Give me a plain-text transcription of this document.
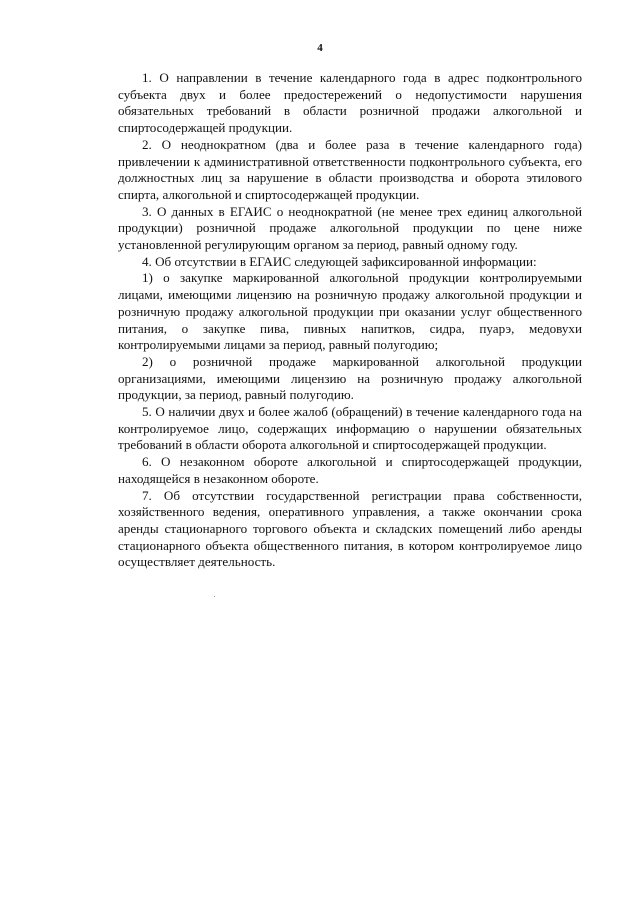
4

1. О направлении в течение календарного года в адрес подконтрольного субъекта двух и более предостережений о недопустимости нарушения обязательных требований в области розничной продажи алкогольной и спиртосодержащей продукции.

2. О неоднократном (два и более раза в течение календарного года) привлечении к административной ответственности подконтрольного субъекта, его должностных лиц за нарушение в области производства и оборота этилового спирта, алкогольной и спиртосодержащей продукции.

3. О данных в ЕГАИС о неоднократной (не менее трех единиц алкогольной продукции) розничной продаже алкогольной продукции по цене ниже установленной регулирующим органом за период, равный одному году.

4. Об отсутствии в ЕГАИС следующей зафиксированной информации:

1) о закупке маркированной алкогольной продукции контролируемыми лицами, имеющими лицензию на розничную продажу алкогольной продукции и розничную продажу алкогольной продукции при оказании услуг общественного питания, о закупке пива, пивных напитков, сидра, пуарэ, медовухи контролируемыми лицами за период, равный полугодию;

2) о розничной продаже маркированной алкогольной продукции организациями, имеющими лицензию на розничную продажу алкогольной продукции, за период, равный полугодию.

5. О наличии двух и более жалоб (обращений) в течение календарного года на контролируемое лицо, содержащих информацию о нарушении обязательных требований в области оборота алкогольной и спиртосодержащей продукции.

6. О незаконном обороте алкогольной и спиртосодержащей продукции, находящейся в незаконном обороте.

7. Об отсутствии государственной регистрации права собственности, хозяйственного ведения, оперативного управления, а также окончании срока аренды стационарного торгового объекта и складских помещений либо аренды стационарного объекта общественного питания, в котором контролируемое лицо осуществляет деятельность.
